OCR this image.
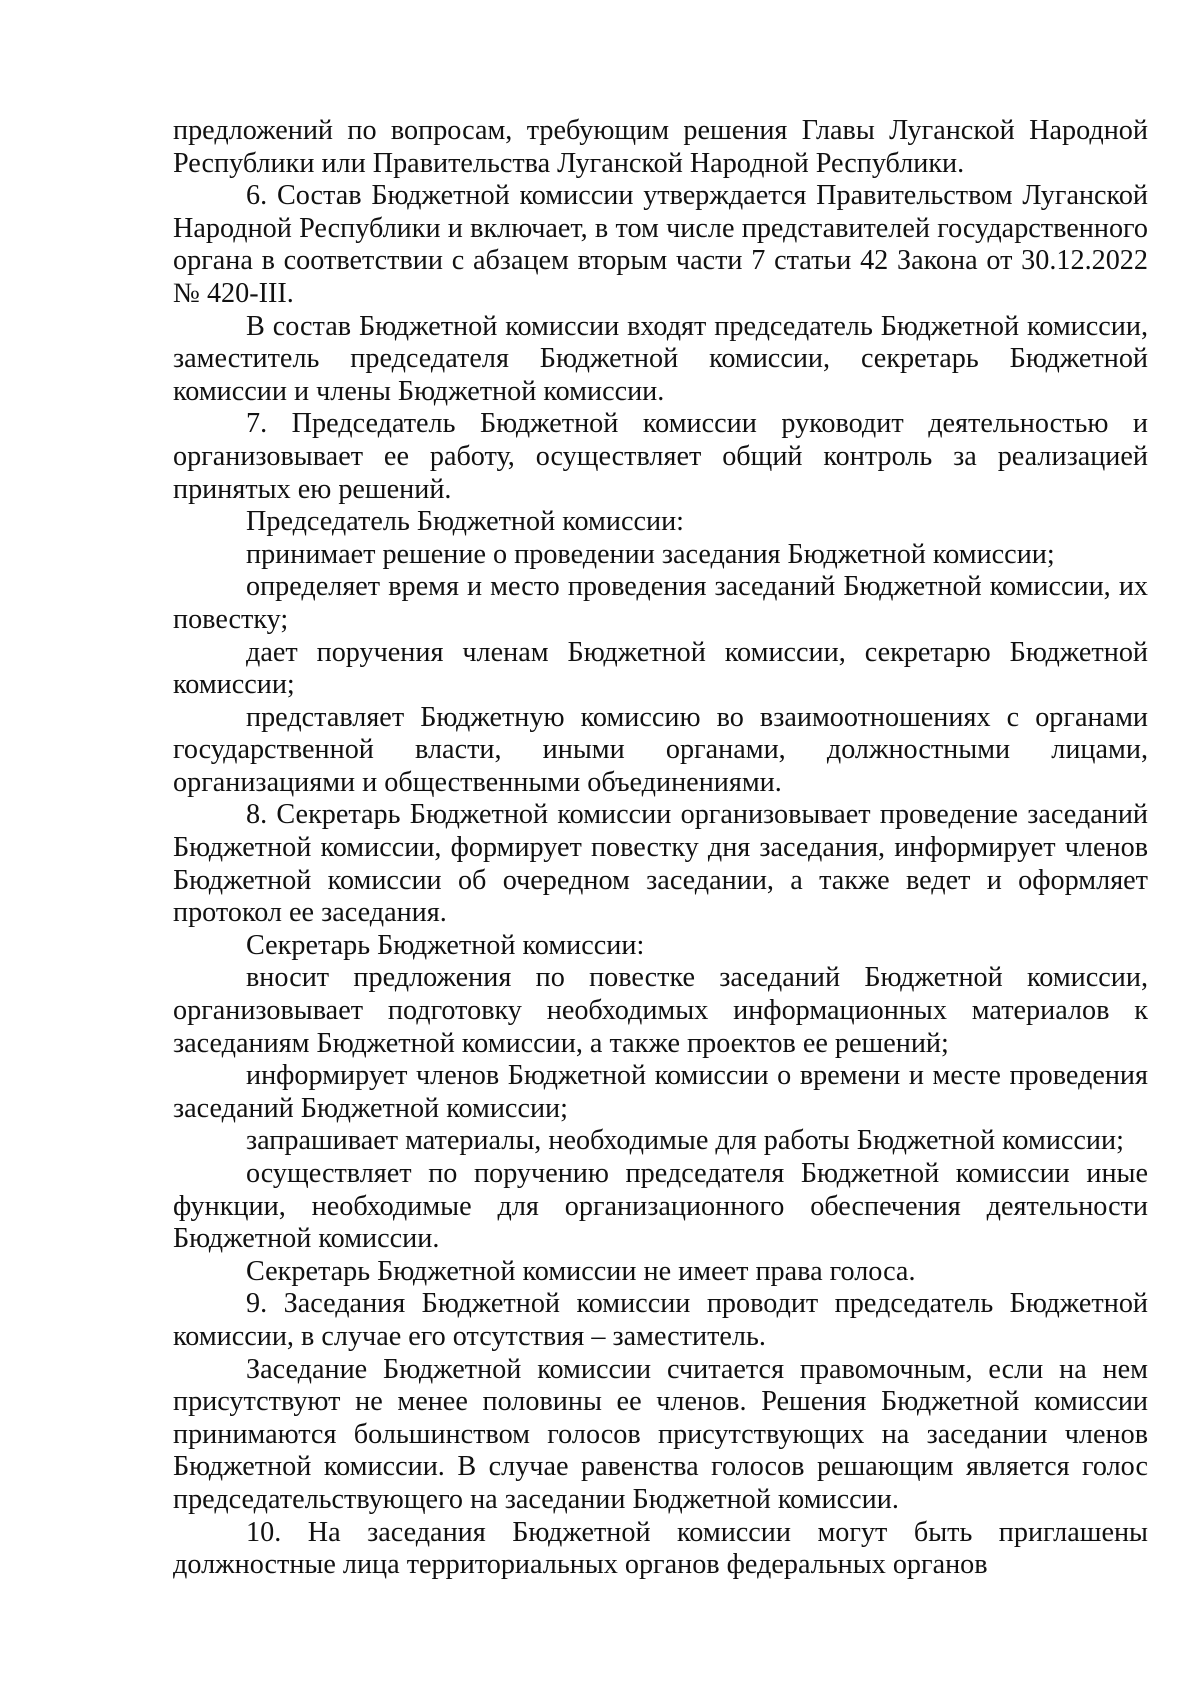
предложений по вопросам, требующим решения Главы Луганской Народной Республики или Правительства Луганской Народной Республики.

6. Состав Бюджетной комиссии утверждается Правительством Луганской Народной Республики и включает, в том числе представителей государственного органа в соответствии с абзацем вторым части 7 статьи 42 Закона от 30.12.2022 № 420-III.

В состав Бюджетной комиссии входят председатель Бюджетной комиссии, заместитель председателя Бюджетной комиссии, секретарь Бюджетной комиссии и члены Бюджетной комиссии.

7. Председатель Бюджетной комиссии руководит деятельностью и организовывает ее работу, осуществляет общий контроль за реализацией принятых ею решений.

Председатель Бюджетной комиссии:

принимает решение о проведении заседания Бюджетной комиссии;

определяет время и место проведения заседаний Бюджетной комиссии, их повестку;

дает поручения членам Бюджетной комиссии, секретарю Бюджетной комиссии;

представляет Бюджетную комиссию во взаимоотношениях с органами государственной власти, иными органами, должностными лицами, организациями и общественными объединениями.

8. Секретарь Бюджетной комиссии организовывает проведение заседаний Бюджетной комиссии, формирует повестку дня заседания, информирует членов Бюджетной комиссии об очередном заседании, а также ведет и оформляет протокол ее заседания.

Секретарь Бюджетной комиссии:

вносит предложения по повестке заседаний Бюджетной комиссии, организовывает подготовку необходимых информационных материалов к заседаниям Бюджетной комиссии, а также проектов ее решений;

информирует членов Бюджетной комиссии о времени и месте проведения заседаний Бюджетной комиссии;

запрашивает материалы, необходимые для работы Бюджетной комиссии;

осуществляет по поручению председателя Бюджетной комиссии иные функции, необходимые для организационного обеспечения деятельности Бюджетной комиссии.

Секретарь Бюджетной комиссии не имеет права голоса.

9. Заседания Бюджетной комиссии проводит председатель Бюджетной комиссии, в случае его отсутствия – заместитель.

Заседание Бюджетной комиссии считается правомочным, если на нем присутствуют не менее половины ее членов. Решения Бюджетной комиссии принимаются большинством голосов присутствующих на заседании членов Бюджетной комиссии. В случае равенства голосов решающим является голос председательствующего на заседании Бюджетной комиссии.

10. На заседания Бюджетной комиссии могут быть приглашены должностные лица территориальных органов федеральных органов
